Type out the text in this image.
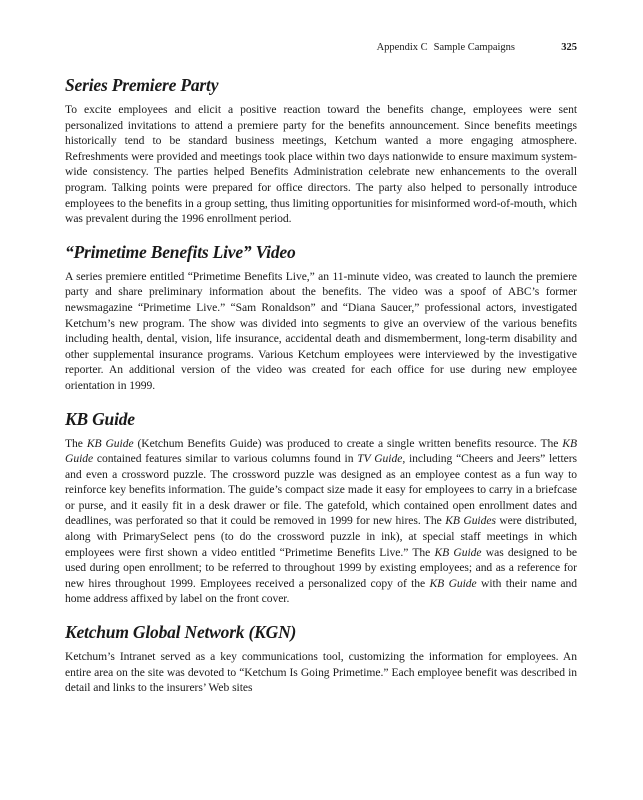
Appendix C Sample Campaigns	325
Series Premiere Party

To excite employees and elicit a positive reaction toward the benefits change, employees were sent personalized invitations to attend a premiere party for the benefits announcement. Since benefits meetings historically tend to be standard business meetings, Ketchum wanted a more engaging atmosphere. Refreshments were provided and meetings took place within two days nationwide to ensure maximum system-wide consistency. The parties helped Benefits Administration celebrate new enhancements to the overall program. Talking points were prepared for office directors. The party also helped to personally introduce employees to the benefits in a group setting, thus limiting opportunities for misinformed word-of-mouth, which was prevalent during the 1996 enrollment period.

“Primetime Benefits Live” Video

A series premiere entitled “Primetime Benefits Live,” an 11-minute video, was created to launch the premiere party and share preliminary information about the benefits. The video was a spoof of ABC’s former newsmagazine “Primetime Live.” “Sam Ronaldson” and “Diana Saucer,” professional actors, investigated Ketchum’s new program. The show was divided into segments to give an overview of the various benefits including health, dental, vision, life insurance, accidental death and dismemberment, long-term disability and other supplemental insurance programs. Various Ketchum employees were interviewed by the investigative reporter. An additional version of the video was created for each office for use during new employee orientation in 1999.

KB Guide

The KB Guide (Ketchum Benefits Guide) was produced to create a single written benefits resource. The KB Guide contained features similar to various columns found in TV Guide, including “Cheers and Jeers” letters and even a crossword puzzle. The crossword puzzle was designed as an employee contest as a fun way to reinforce key benefits information. The guide’s compact size made it easy for employees to carry in a briefcase or purse, and it easily fit in a desk drawer or file. The gatefold, which contained open enrollment dates and deadlines, was perforated so that it could be removed in 1999 for new hires. The KB Guides were distributed, along with PrimarySelect pens (to do the crossword puzzle in ink), at special staff meetings in which employees were first shown a video entitled “Primetime Benefits Live.” The KB Guide was designed to be used during open enrollment; to be referred to throughout 1999 by existing employees; and as a reference for new hires throughout 1999. Employees received a personalized copy of the KB Guide with their name and home address affixed by label on the front cover.

Ketchum Global Network (KGN)

Ketchum’s Intranet served as a key communications tool, customizing the information for employees. An entire area on the site was devoted to “Ketchum Is Going Primetime.” Each employee benefit was described in detail and links to the insurers’ Web sites
